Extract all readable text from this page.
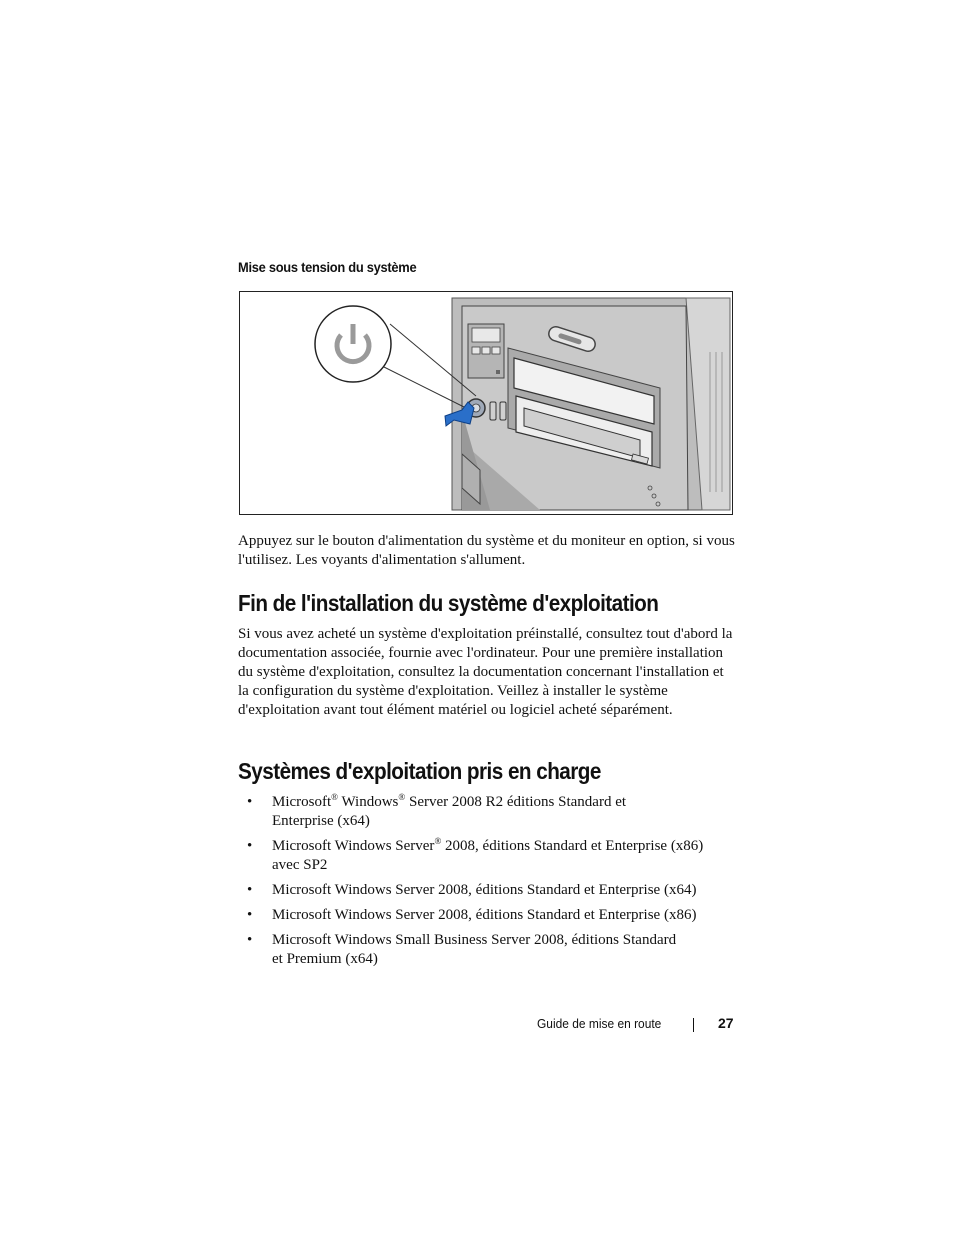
Mise sous tension du système

Appuyez sur le bouton d'alimentation du système et du moniteur en option, si vous l'utilisez. Les voyants d'alimentation s'allument.

Fin de l'installation du système d'exploitation

Si vous avez acheté un système d'exploitation préinstallé, consultez tout d'abord la documentation associée, fournie avec l'ordinateur. Pour une première installation du système d'exploitation, consultez la documentation concernant l'installation et la configuration du système d'exploitation. Veillez à installer le système d'exploitation avant tout élément matériel ou logiciel acheté séparément.

Systèmes d'exploitation pris en charge
• Microsoft® Windows® Server 2008 R2 éditions Standard et
Enterprise (x64)
• Microsoft Windows Server® 2008, éditions Standard et Enterprise (x86)
avec SP2
• Microsoft Windows Server 2008, éditions Standard et Enterprise (x64)
• Microsoft Windows Server 2008, éditions Standard et Enterprise (x86)
• Microsoft Windows Small Business Server 2008, éditions Standard
et Premium (x64)
Guide de mise en route	27
